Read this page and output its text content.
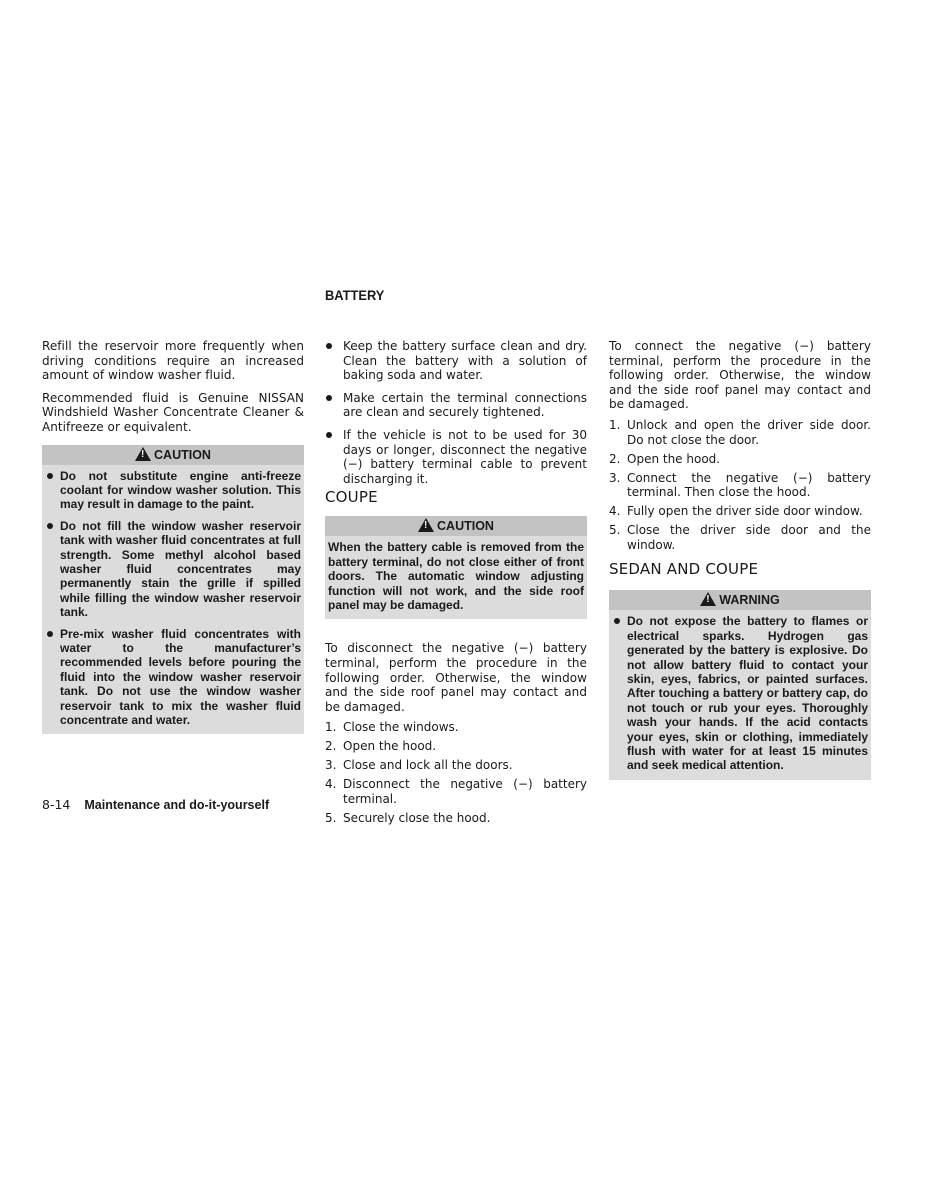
BATTERY

Refill the reservoir more frequently when driving conditions require an increased amount of window washer fluid.

Recommended fluid is Genuine NISSAN Windshield Washer Concentrate Cleaner & Antifreeze or equivalent.

!
CAUTION
Do not substitute engine anti-freeze coolant for window washer solution. This may result in damage to the paint.
Do not fill the window washer reservoir tank with washer fluid concentrates at full strength. Some methyl alcohol based washer fluid concentrates may permanently stain the grille if spilled while filling the window washer reservoir tank.
Pre-mix washer fluid concentrates with water to the manufacturer’s recommended levels before pouring the fluid into the window washer reservoir tank. Do not use the window washer reservoir tank to mix the washer fluid concentrate and water.
Keep the battery surface clean and dry. Clean the battery with a solution of baking soda and water.
Make certain the terminal connections are clean and securely tightened.
If the vehicle is not to be used for 30 days or longer, disconnect the negative (−) battery terminal cable to prevent discharging it.
COUPE
!
CAUTION

When the battery cable is removed from the battery terminal, do not close either of front doors. The automatic window adjusting function will not work, and the side roof panel may be damaged.

To disconnect the negative (−) battery terminal, perform the procedure in the following order. Otherwise, the window and the side roof panel may contact and be damaged.

1. Close the windows.
2. Open the hood.
3. Close and lock all the doors.
4. Disconnect the negative (−) battery terminal.
5. Securely close the hood.

To connect the negative (−) battery terminal, perform the procedure in the following order. Otherwise, the window and the side roof panel may contact and be damaged.

1. Unlock and open the driver side door. Do not close the door.
2. Open the hood.
3. Connect the negative (−) battery terminal. Then close the hood.
4. Fully open the driver side door window.
5. Close the driver side door and the window.
SEDAN AND COUPE
!
WARNING
Do not expose the battery to flames or electrical sparks. Hydrogen gas generated by the battery is explosive. Do not allow battery fluid to contact your skin, eyes, fabrics, or painted surfaces. After touching a battery or battery cap, do not touch or rub your eyes. Thoroughly wash your hands. If the acid contacts your eyes, skin or clothing, immediately flush with water for at least 15 minutes and seek medical attention.
8-14 Maintenance and do-it-yourself
